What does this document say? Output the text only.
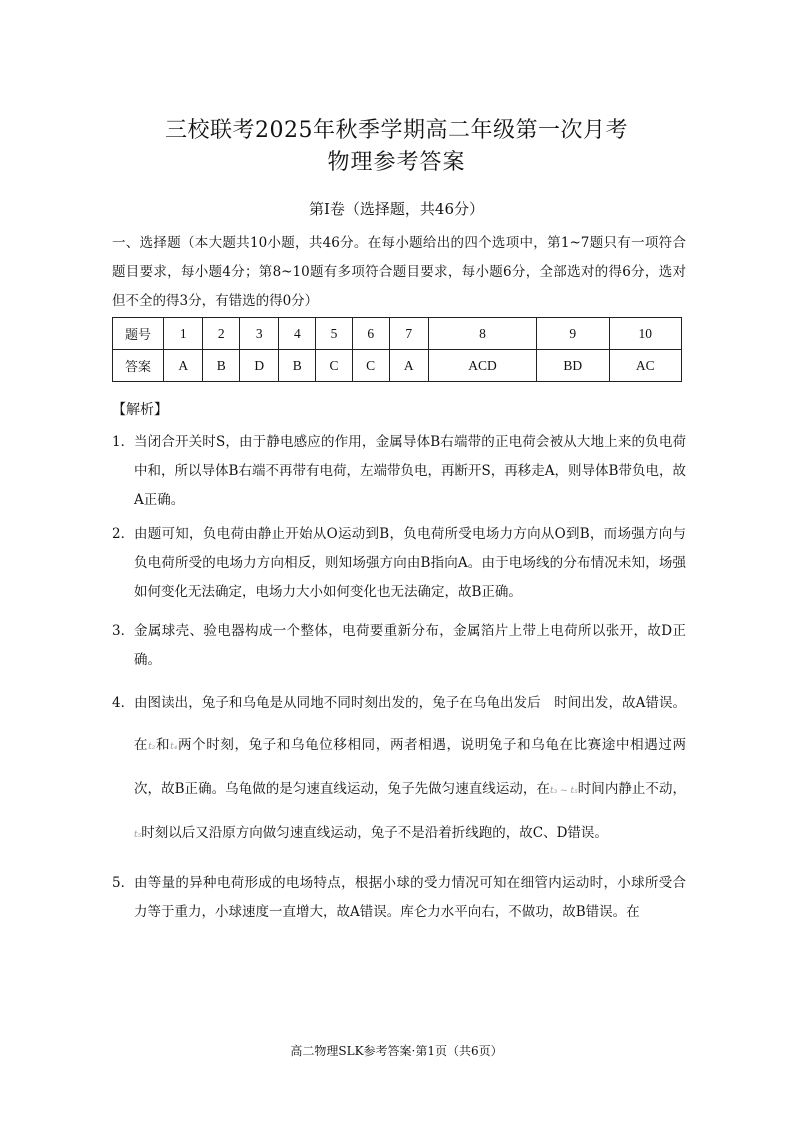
三校联考2025年秋季学期高二年级第一次月考
物理参考答案
第Ⅰ卷（选择题，共46分）
一、选择题（本大题共10小题，共46分。在每小题给出的四个选项中，第1~7题只有一项符合题目要求，每小题4分；第8~10题有多项符合题目要求，每小题6分，全部选对的得6分，选对但不全的得3分，有错选的得0分）
题号	1	2	3	4	5	6	7	8	9	10
答案	A	B	D	B	C	C	A	ACD	BD	AC
【解析】
1． 当闭合开关时S，由于静电感应的作用，金属导体B右端带的正电荷会被从大地上来的负电荷中和，所以导体B右端不再带有电荷，左端带负电，再断开S，再移走A，则导体B带负电，故A正确。
2． 由题可知，负电荷由静止开始从O运动到B，负电荷所受电场力方向从O到B，而场强方向与负电荷所受的电场力方向相反，则知场强方向由B指向A。由于电场线的分布情况未知，场强如何变化无法确定，电场力大小如何变化也无法确定，故B正确。
3． 金属球壳、验电器构成一个整体，电荷要重新分布，金属箔片上带上电荷所以张开，故D正确。
4． 由图读出，兔子和乌龟是从同地不同时刻出发的，兔子在乌龟出发后　时间出发，故A错误。在t₂和t₄两个时刻，兔子和乌龟位移相同，两者相遇，说明兔子和乌龟在比赛途中相遇过两次，故B正确。乌龟做的是匀速直线运动，兔子先做匀速直线运动，在t₃ ~ t₅时间内静止不动，t₅时刻以后又沿原方向做匀速直线运动，兔子不是沿着折线跑的，故C、D错误。
5． 由等量的异种电荷形成的电场特点，根据小球的受力情况可知在细管内运动时，小球所受合力等于重力，小球速度一直增大，故A错误。库仑力水平向右，不做功，故B错误。在
高二物理SLK参考答案·第1页（共6页）
